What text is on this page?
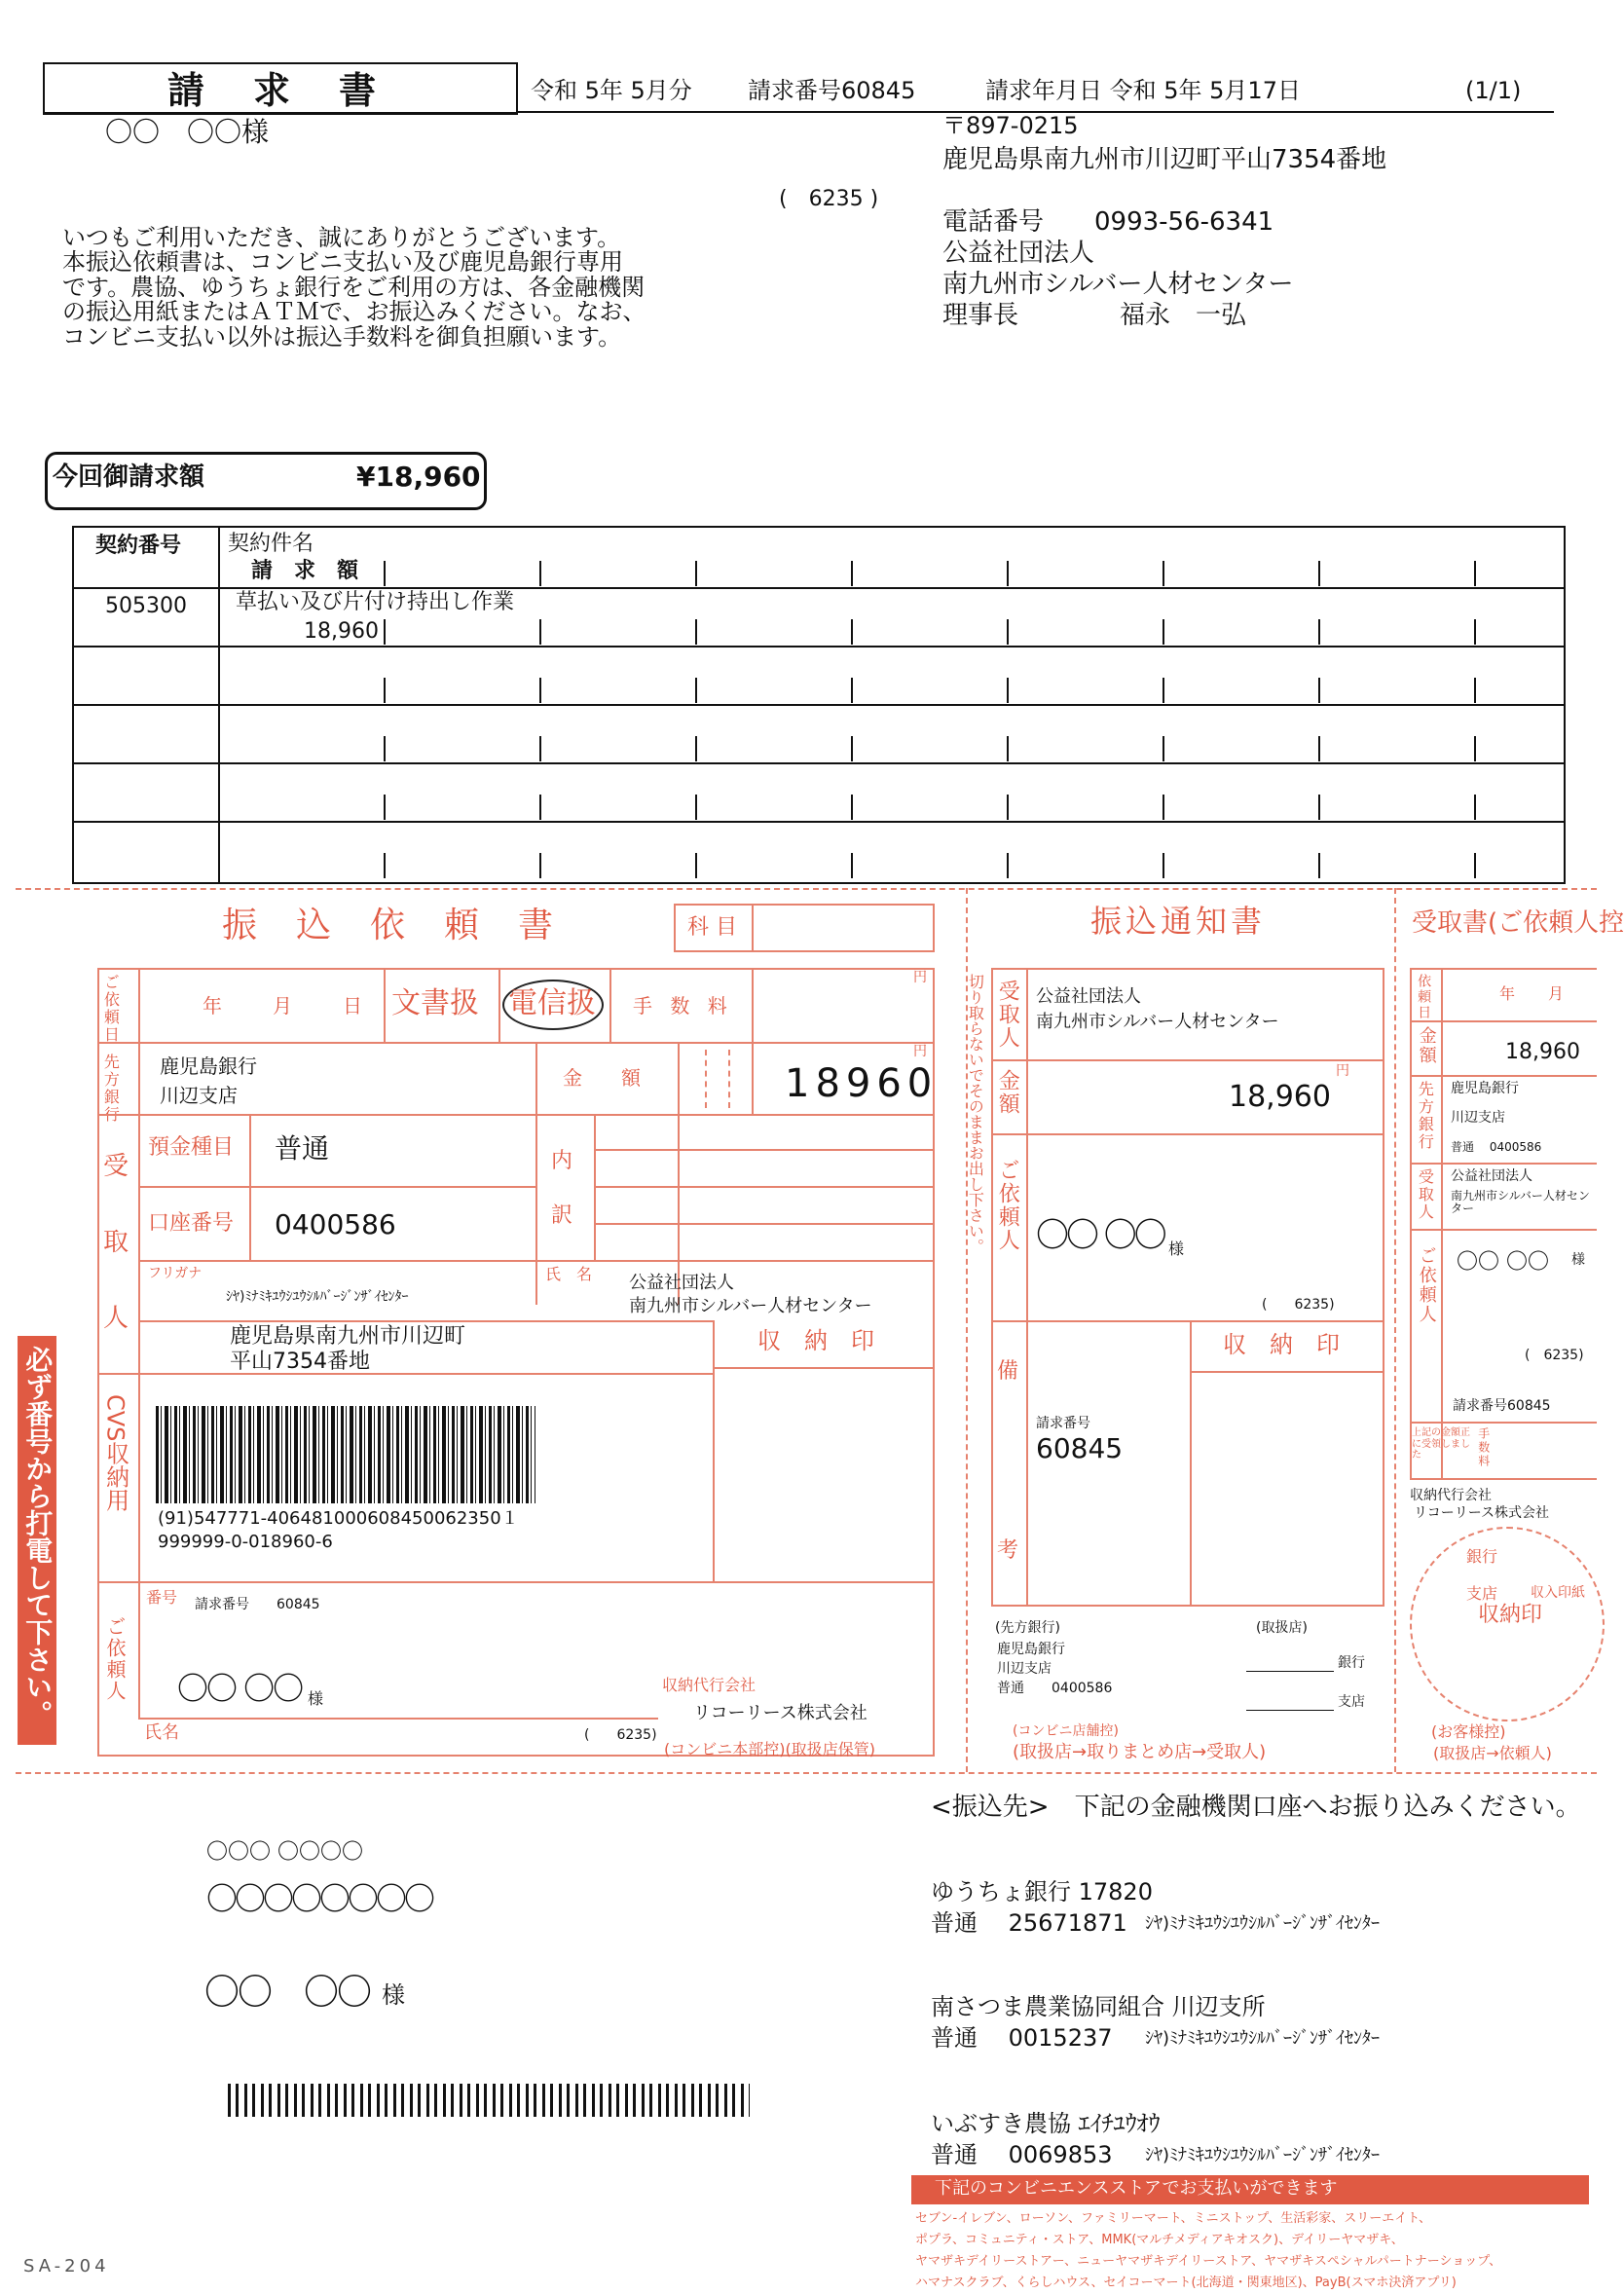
請　求　書	令和 5年 5月分 請求番号60845	請求年月日 令和 5年 5月17日	(1/1)
〇〇　〇〇様
(　6235 )
〒897-0215
鹿児島県南九州市川辺町平山7354番地
電話番号　　0993-56-6341
公益社団法人
南九州市シルバー人材センター
理事長　　　　福永　一弘
いつもご利用いただき、誠にありがとうございます。
本振込依頼書は、コンビニ支払い及び鹿児島銀行専用
です。農協、ゆうちょ銀行をご利用の方は、各金融機関
の振込用紙またはＡＴＭで、お振込みください。なお、
コンビニ支払い以外は振込手数料を御負担願います。
今回御請求額	¥18,960
契約番号 契約件名
請　求　額
505300 草払い及び片付け持出し作業
18,960
必ず番号から打電して下さい。
振　込　依　頼　書	科 目
ご依頼日	年	月	日 文書扱 電信扱 手 数 料
円
先方銀行 鹿児島銀行
川辺支店
金　　額
円
18960
受
取
人
預金種目 普通
口座番号 0400586
内
訳
フリガナ
ｼﾔ)ﾐﾅﾐｷﾕｳｼﾕｳｼﾙﾊﾞｰｼﾞﾝｻﾞｲｾﾝﾀｰ
氏　名 公益社団法人
南九州市シルバー人材センター
鹿児島県南九州市川辺町
平山7354番地
収　納　印
CVS収納用
(91)547771-406481000608450062350１
999999-0-018960-6
番号 請求番号　　60845
ご依頼人 〇〇 〇〇 様
氏名	(　　6235)
収納代行会社
リコーリース株式会社
(コンビニ本部控)(取扱店保管)
振込通知書
切り取らないでそのままお出し下さい。 受取人 公益社団法人
南九州市シルバー人材センター
金額	円
18,960
ご依頼人 〇〇 〇〇 様
(　　6235)
備
考
請求番号
60845
収　納　印
(先方銀行)
鹿児島銀行
川辺支店
普通　　0400586
(取扱店)
銀行
支店
(コンビニ店舗控)
(取扱店→取りまとめ店→受取人)
受取書(ご依頼人控
依頼日	年 月
金額	18,960
先方銀行 鹿児島銀行
川辺支店
普通　 0400586
受取人 公益社団法人
南九州市シルバー人材センター
ご依頼人 〇〇 〇〇 様
(　6235)
請求番号60845
上記の金額正に受領しました	手数料
収納代行会社
リコーリース株式会社
銀行
支店 収入印紙
収納印
(お客様控)
(取扱店→依頼人)
〇〇〇 〇〇〇〇
〇〇〇〇〇〇〇〇
〇〇　〇〇 様
<振込先>　下記の金融機関口座へお振り込みください。
ゆうちょ銀行 17820
普通　 25671871 ｼﾔ)ﾐﾅﾐｷﾕｳｼﾕｳｼﾙﾊﾞｰｼﾞﾝｻﾞｲｾﾝﾀｰ
南さつま農業協同組合 川辺支所
普通　 0015237 ｼﾔ)ﾐﾅﾐｷﾕｳｼﾕｳｼﾙﾊﾞｰｼﾞﾝｻﾞｲｾﾝﾀｰ
いぶすき農協 ｴｲﾁﾕｳｵｳ
普通　 0069853 ｼﾔ)ﾐﾅﾐｷﾕｳｼﾕｳｼﾙﾊﾞｰｼﾞﾝｻﾞｲｾﾝﾀｰ
下記のコンビニエンスストアでお支払いができます
セブン-イレブン、ローソン、ファミリーマート、ミニストップ、生活彩家、スリーエイト、
ポプラ、コミュニティ・ストア、MMK(マルチメディアキオスク)、デイリーヤマザキ、
ヤマザキデイリーストアー、ニューヤマザキデイリーストア、ヤマザキスペシャルパートナーショップ、
ハマナスクラブ、くらしハウス、セイコーマート(北海道・関東地区)、PayB(スマホ決済アプリ)
SA-204
